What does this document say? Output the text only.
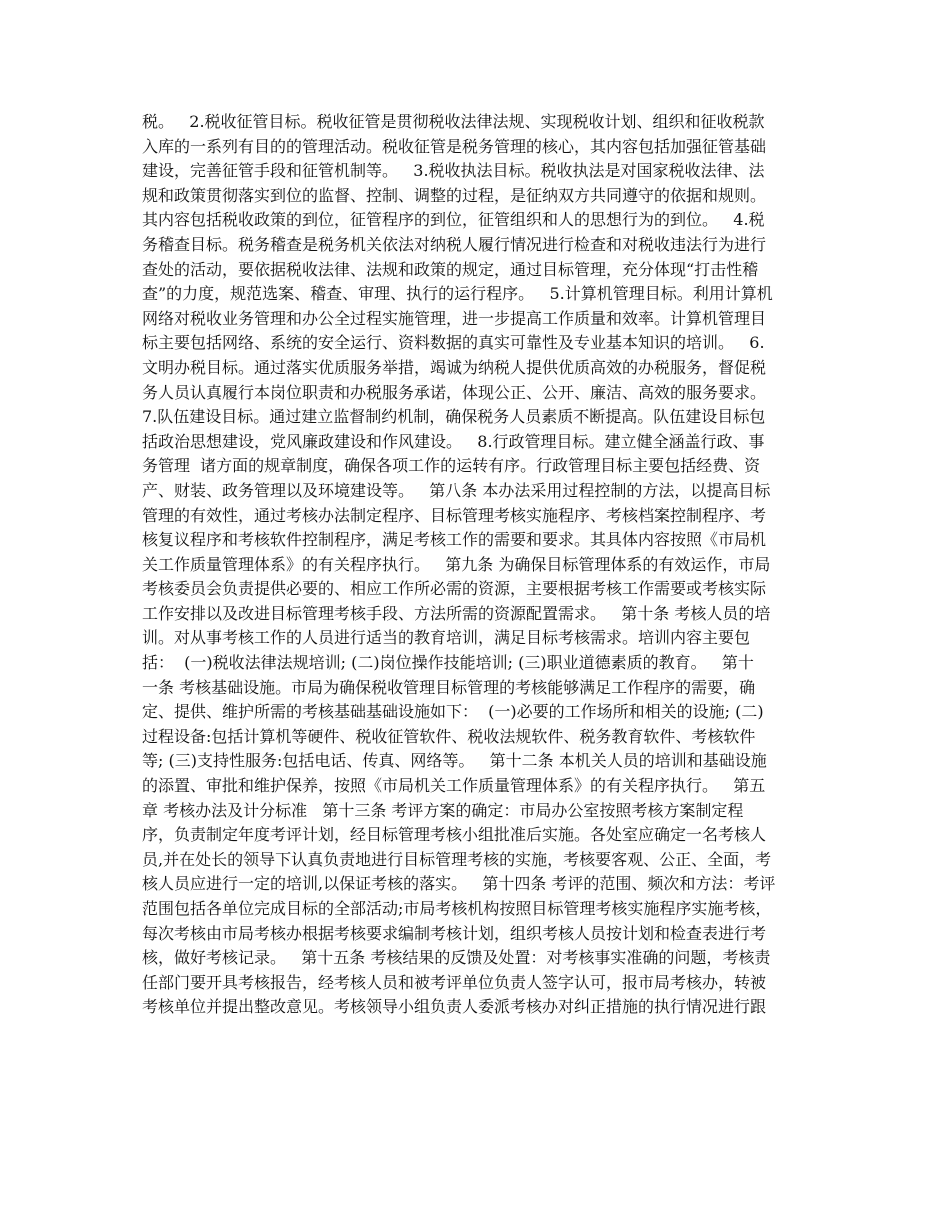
税。   2.税收征管目标。税收征管是贯彻税收法律法规、实现税收计划、组织和征收税款
入库的一系列有目的的管理活动。税收征管是税务管理的核心，其内容包括加强征管基础
建设，完善征管手段和征管机制等。   3.税收执法目标。税收执法是对国家税收法律、法
规和政策贯彻落实到位的监督、控制、调整的过程，是征纳双方共同遵守的依据和规则。
其内容包括税收政策的到位，征管程序的到位，征管组织和人的思想行为的到位。   4.税
务稽查目标。税务稽查是税务机关依法对纳税人履行情况进行检查和对税收违法行为进行
查处的活动，要依据税收法律、法规和政策的规定，通过目标管理，充分体现“打击性稽
查”的力度，规范选案、稽查、审理、执行的运行程序。   5.计算机管理目标。利用计算机
网络对税收业务管理和办公全过程实施管理，进一步提高工作质量和效率。计算机管理目
标主要包括网络、系统的安全运行、资料数据的真实可靠性及专业基本知识的培训。   6.
文明办税目标。通过落实优质服务举措，竭诚为纳税人提供优质高效的办税服务，督促税
务人员认真履行本岗位职责和办税服务承诺，体现公正、公开、廉洁、高效的服务要求。
7.队伍建设目标。通过建立监督制约机制，确保税务人员素质不断提高。队伍建设目标包
括政治思想建设，党风廉政建设和作风建设。   8.行政管理目标。建立健全涵盖行政、事
务管理  诸方面的规章制度，确保各项工作的运转有序。行政管理目标主要包括经费、资
产、财装、政务管理以及环境建设等。   第八条 本办法采用过程控制的方法，以提高目标
管理的有效性，通过考核办法制定程序、目标管理考核实施程序、考核档案控制程序、考
核复议程序和考核软件控制程序，满足考核工作的需要和要求。其具体内容按照《市局机
关工作质量管理体系》的有关程序执行。   第九条 为确保目标管理体系的有效运作，市局
考核委员会负责提供必要的、相应工作所必需的资源，主要根据考核工作需要或考核实际
工作安排以及改进目标管理考核手段、方法所需的资源配置需求。   第十条 考核人员的培
训。对从事考核工作的人员进行适当的教育培训，满足目标考核需求。培训内容主要包
括：  (一)税收法律法规培训; (二)岗位操作技能培训; (三)职业道德素质的教育。   第十
一条 考核基础设施。市局为确保税收管理目标管理的考核能够满足工作程序的需要，确
定、提供、维护所需的考核基础基础设施如下：  (一)必要的工作场所和相关的设施; (二)
过程设备:包括计算机等硬件、税收征管软件、税收法规软件、税务教育软件、考核软件
等; (三)支持性服务:包括电话、传真、网络等。   第十二条 本机关人员的培训和基础设施
的添置、审批和维护保养，按照《市局机关工作质量管理体系》的有关程序执行。   第五
章 考核办法及计分标准   第十三条 考评方案的确定：市局办公室按照考核方案制定程
序，负责制定年度考评计划，经目标管理考核小组批准后实施。各处室应确定一名考核人
员,并在处长的领导下认真负责地进行目标管理考核的实施，考核要客观、公正、全面，考
核人员应进行一定的培训,以保证考核的落实。   第十四条 考评的范围、频次和方法：考评
范围包括各单位完成目标的全部活动;市局考核机构按照目标管理考核实施程序实施考核，
每次考核由市局考核办根据考核要求编制考核计划，组织考核人员按计划和检查表进行考
核，做好考核记录。   第十五条 考核结果的反馈及处置：对考核事实准确的问题，考核责
任部门要开具考核报告，经考核人员和被考评单位负责人签字认可，报市局考核办，转被
考核单位并提出整改意见。考核领导小组负责人委派考核办对纠正措施的执行情况进行跟
